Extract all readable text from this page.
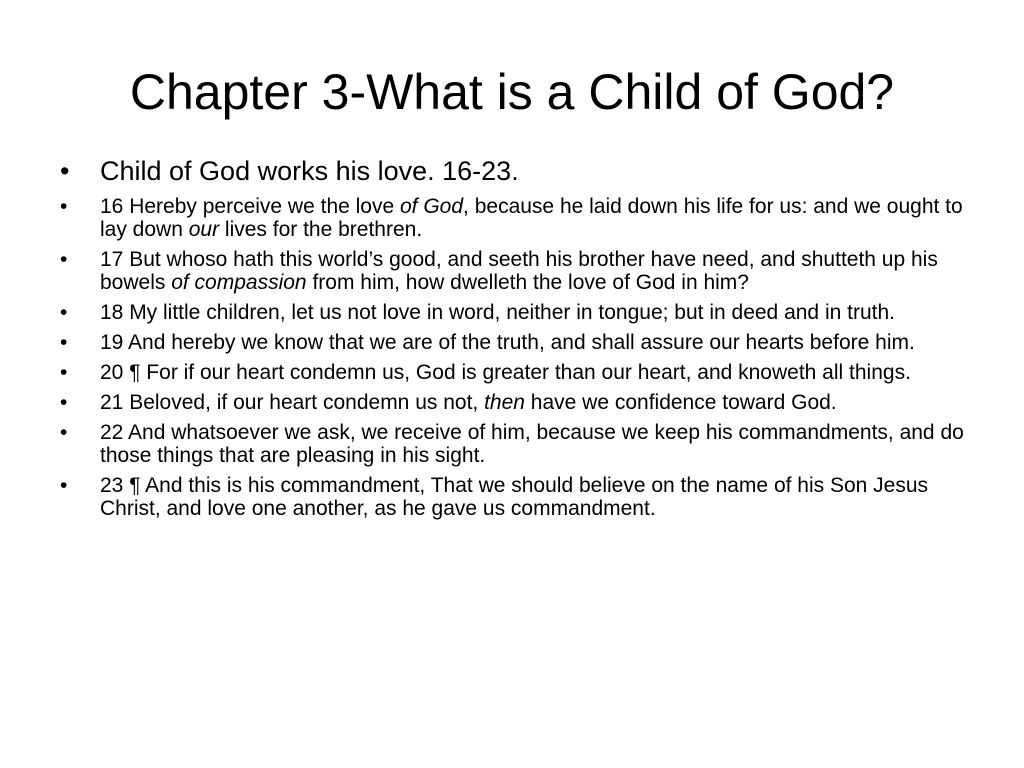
Chapter 3-What is a Child of God?
• Child of God works his love. 16-23.
• 16 Hereby perceive we the love of God, because he laid down his life for us: and we ought to lay down our lives for the brethren.
• 17 But whoso hath this world’s good, and seeth his brother have need, and shutteth up his bowels of compassion from him, how dwelleth the love of God in him?
• 18 My little children, let us not love in word, neither in tongue; but in deed and in truth.
• 19 And hereby we know that we are of the truth, and shall assure our hearts before him.
• 20 ¶ For if our heart condemn us, God is greater than our heart, and knoweth all things.
• 21 Beloved, if our heart condemn us not, then have we confidence toward God.
• 22 And whatsoever we ask, we receive of him, because we keep his commandments, and do those things that are pleasing in his sight.
• 23 ¶ And this is his commandment, That we should believe on the name of his Son Jesus Christ, and love one another, as he gave us commandment.
